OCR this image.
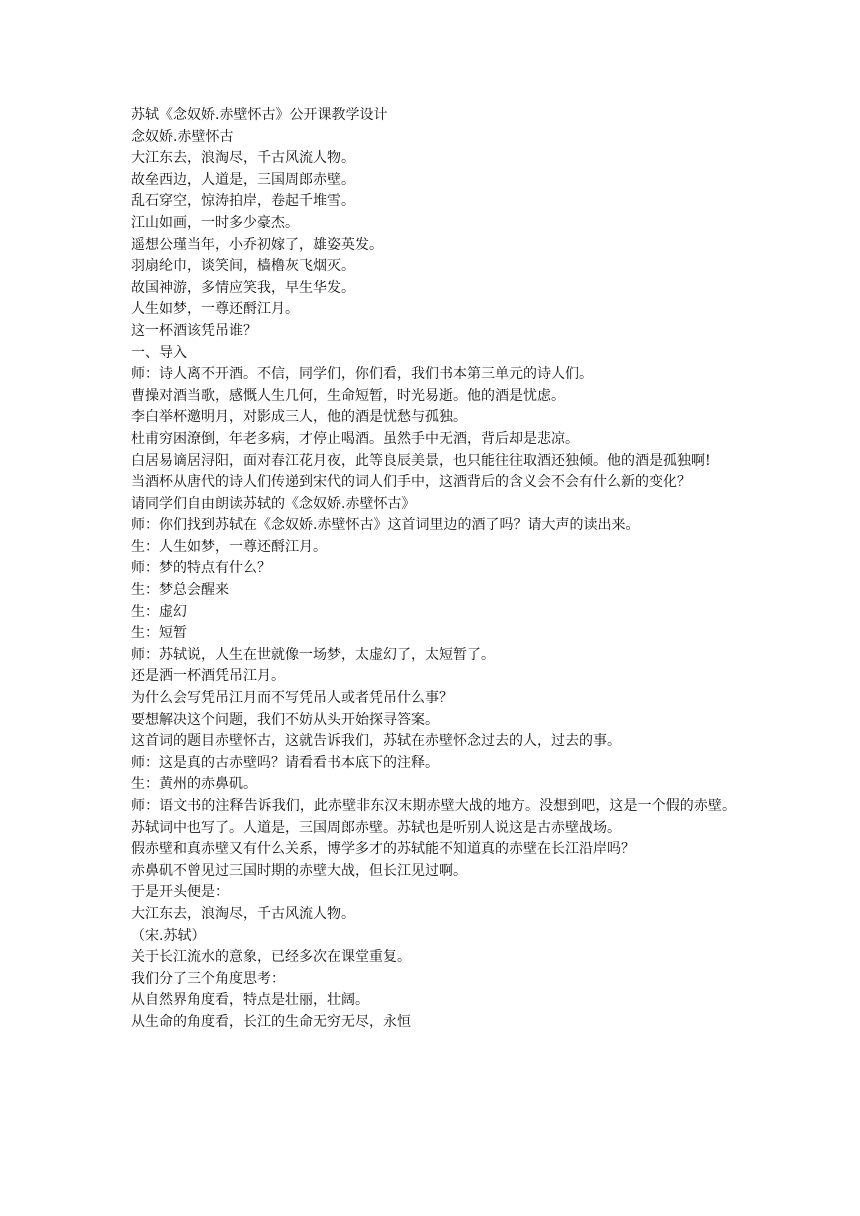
苏轼《念奴娇.赤壁怀古》公开课教学设计

念奴娇.赤壁怀古

大江东去，浪淘尽，千古风流人物。

故垒西边，人道是，三国周郎赤壁。

乱石穿空，惊涛拍岸，卷起千堆雪。

江山如画，一时多少豪杰。

遥想公瑾当年，小乔初嫁了，雄姿英发。

羽扇纶巾，谈笑间，樯橹灰飞烟灭。

故国神游，多情应笑我，早生华发。

人生如梦，一尊还酹江月。

这一杯酒该凭吊谁？

一、导入

师：诗人离不开酒。不信，同学们，你们看，我们书本第三单元的诗人们。

曹操对酒当歌，感慨人生几何，生命短暂，时光易逝。他的酒是忧虑。

李白举杯邀明月，对影成三人，他的酒是忧愁与孤独。

杜甫穷困潦倒，年老多病，才停止喝酒。虽然手中无酒，背后却是悲凉。

白居易谪居浔阳，面对春江花月夜，此等良辰美景，也只能往往取酒还独倾。他的酒是孤独啊!

当酒杯从唐代的诗人们传递到宋代的词人们手中，这酒背后的含义会不会有什么新的变化？

请同学们自由朗读苏轼的《念奴娇.赤壁怀古》

师：你们找到苏轼在《念奴娇.赤壁怀古》这首词里边的酒了吗？请大声的读出来。

生：人生如梦，一尊还酹江月。

师：梦的特点有什么？

生：梦总会醒来

生：虚幻

生：短暂

师：苏轼说，人生在世就像一场梦，太虚幻了，太短暂了。

还是洒一杯酒凭吊江月。

为什么会写凭吊江月而不写凭吊人或者凭吊什么事？

要想解决这个问题，我们不妨从头开始探寻答案。

这首词的题目赤壁怀古，这就告诉我们，苏轼在赤壁怀念过去的人，过去的事。

师：这是真的古赤壁吗？请看看书本底下的注释。

生：黄州的赤鼻矶。

师：语文书的注释告诉我们，此赤壁非东汉末期赤壁大战的地方。没想到吧，这是一个假的赤壁。苏轼词中也写了。人道是，三国周郎赤壁。苏轼也是听别人说这是古赤壁战场。

假赤壁和真赤壁又有什么关系，博学多才的苏轼能不知道真的赤壁在长江沿岸吗？

赤鼻矶不曾见过三国时期的赤壁大战，但长江见过啊。

于是开头便是：

大江东去，浪淘尽，千古风流人物。

（宋.苏轼）

关于长江流水的意象，已经多次在课堂重复。

我们分了三个角度思考：

从自然界角度看，特点是壮丽，壮阔。

从生命的角度看，长江的生命无穷无尽，永恒
